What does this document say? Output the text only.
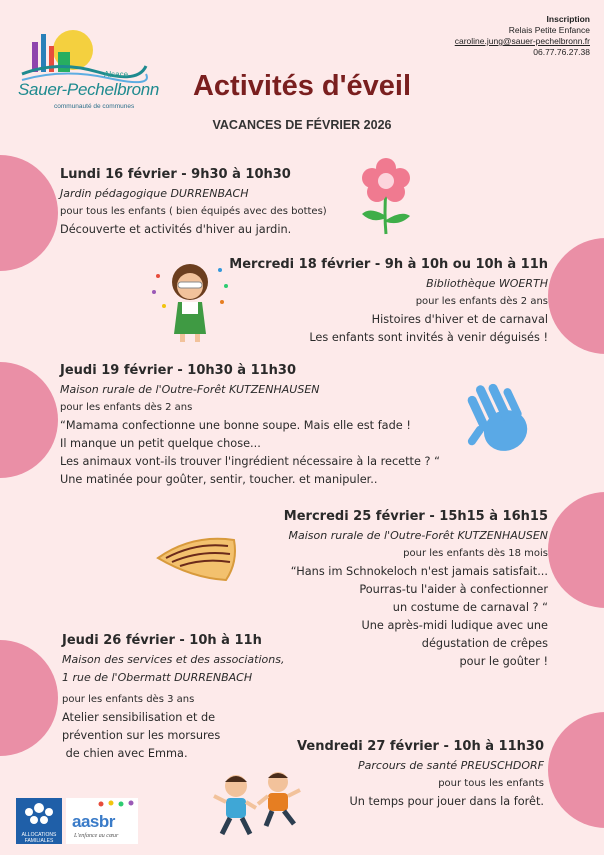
Alsace
Sauer-Pechelbronn
communauté de communes
Inscription
Relais Petite Enfance
caroline.jung@sauer-pechelbronn.fr
06.77.76.27.38
Activités d'éveil
VACANCES DE FÉVRIER 2026
Lundi 16 février - 9h30 à 10h30
Jardin pédagogique DURRENBACH
pour tous les enfants ( bien équipés avec des bottes)
Découverte et activités d'hiver au jardin.
Mercredi 18 février - 9h à 10h ou 10h à 11h
Bibliothèque WOERTH
pour les enfants dès 2 ans
Histoires d'hiver et de carnaval
Les enfants sont invités à venir déguisés !
Jeudi 19 février - 10h30 à 11h30
Maison rurale de l'Outre-Forêt KUTZENHAUSEN
pour les enfants dès 2 ans
“Mamama confectionne une bonne soupe. Mais elle est fade !
Il manque un petit quelque chose...
Les animaux vont-ils trouver l'ingrédient nécessaire à la recette ? “
Une matinée pour goûter, sentir, toucher. et manipuler..
Mercredi 25 février - 15h15 à 16h15
Maison rurale de l'Outre-Forêt KUTZENHAUSEN
pour les enfants dès 18 mois
“Hans im Schnokeloch n'est jamais satisfait...
Pourras-tu l'aider à confectionner
un costume de carnaval ? “
Une après-midi ludique avec une
dégustation de crêpes
pour le goûter !
Jeudi 26 février - 10h à 11h
Maison des services et des associations,
1 rue de l'Obermatt DURRENBACH
pour les enfants dès 3 ans
Atelier sensibilisation et de
prévention sur les morsures
de chien avec Emma.	Vendredi 27 février - 10h à 11h30
Parcours de santé PREUSCHDORF
pour tous les enfants
Un temps pour jouer dans la forêt.
ALLOCATIONS
FAMILIALES
aasbr
L'enfance au cœur
